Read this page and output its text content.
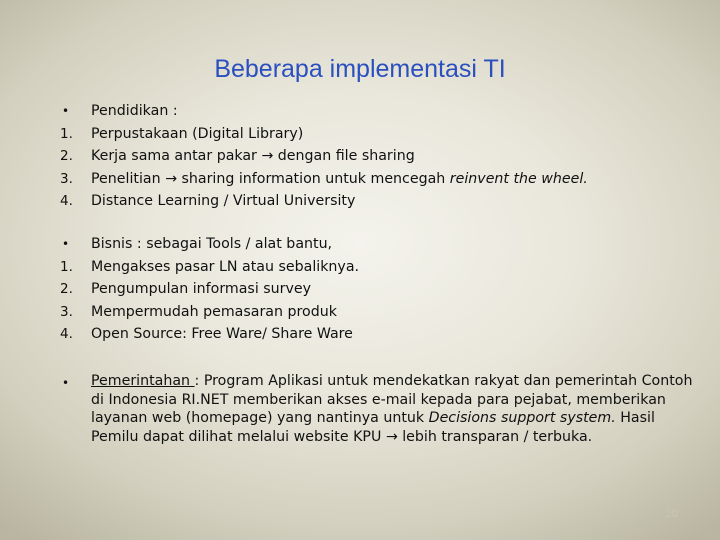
Beberapa implementasi TI
•	Pendidikan :
1.	Perpustakaan (Digital Library)
2.	Kerja sama antar pakar → dengan file sharing
3.	Penelitian → sharing information untuk mencegah reinvent the wheel.
4.	Distance Learning / Virtual University
•	Bisnis : sebagai Tools / alat bantu,
1.	Mengakses pasar LN atau sebaliknya.
2.	Pengumpulan informasi survey
3.	Mempermudah pemasaran produk
4.	Open Source: Free Ware/ Share Ware
•	Pemerintahan : Program Aplikasi untuk mendekatkan rakyat dan pemerintah Contoh di Indonesia RI.NET memberikan akses e-mail kepada para pejabat, memberikan layanan web (homepage) yang nantinya untuk Decisions support system. Hasil Pemilu dapat dilihat melalui website KPU → lebih transparan / terbuka.
20
